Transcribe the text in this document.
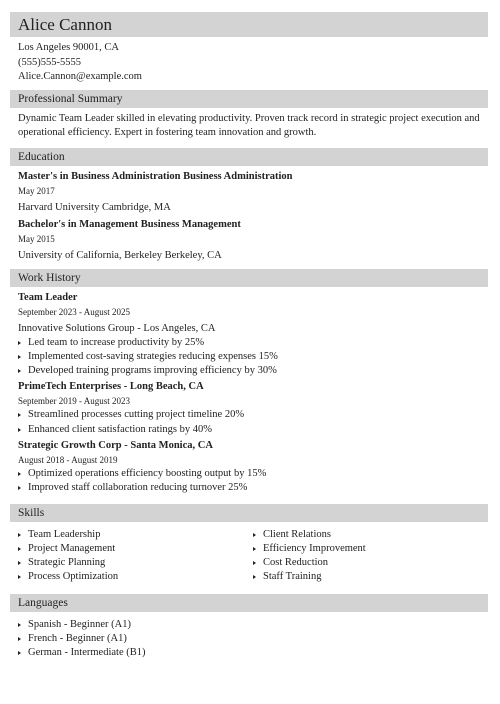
Alice Cannon
Los Angeles 90001, CA
(555)555-5555
Alice.Cannon@example.com
Professional Summary
Dynamic Team Leader skilled in elevating productivity. Proven track record in strategic project execution and operational efficiency. Expert in fostering team innovation and growth.
Education
Master's in Business Administration Business Administration
May 2017
Harvard University Cambridge, MA
Bachelor's in Management Business Management
May 2015
University of California, Berkeley Berkeley, CA
Work History
Team Leader
September 2023 - August 2025
Innovative Solutions Group - Los Angeles, CA
Led team to increase productivity by 25%
Implemented cost-saving strategies reducing expenses 15%
Developed training programs improving efficiency by 30%
PrimeTech Enterprises - Long Beach, CA
September 2019 - August 2023
Streamlined processes cutting project timeline 20%
Enhanced client satisfaction ratings by 40%
Strategic Growth Corp - Santa Monica, CA
August 2018 - August 2019
Optimized operations efficiency boosting output by 15%
Improved staff collaboration reducing turnover 25%
Skills
Team Leadership
Project Management
Strategic Planning
Process Optimization
Client Relations
Efficiency Improvement
Cost Reduction
Staff Training
Languages
Spanish - Beginner (A1)
French - Beginner (A1)
German - Intermediate (B1)
